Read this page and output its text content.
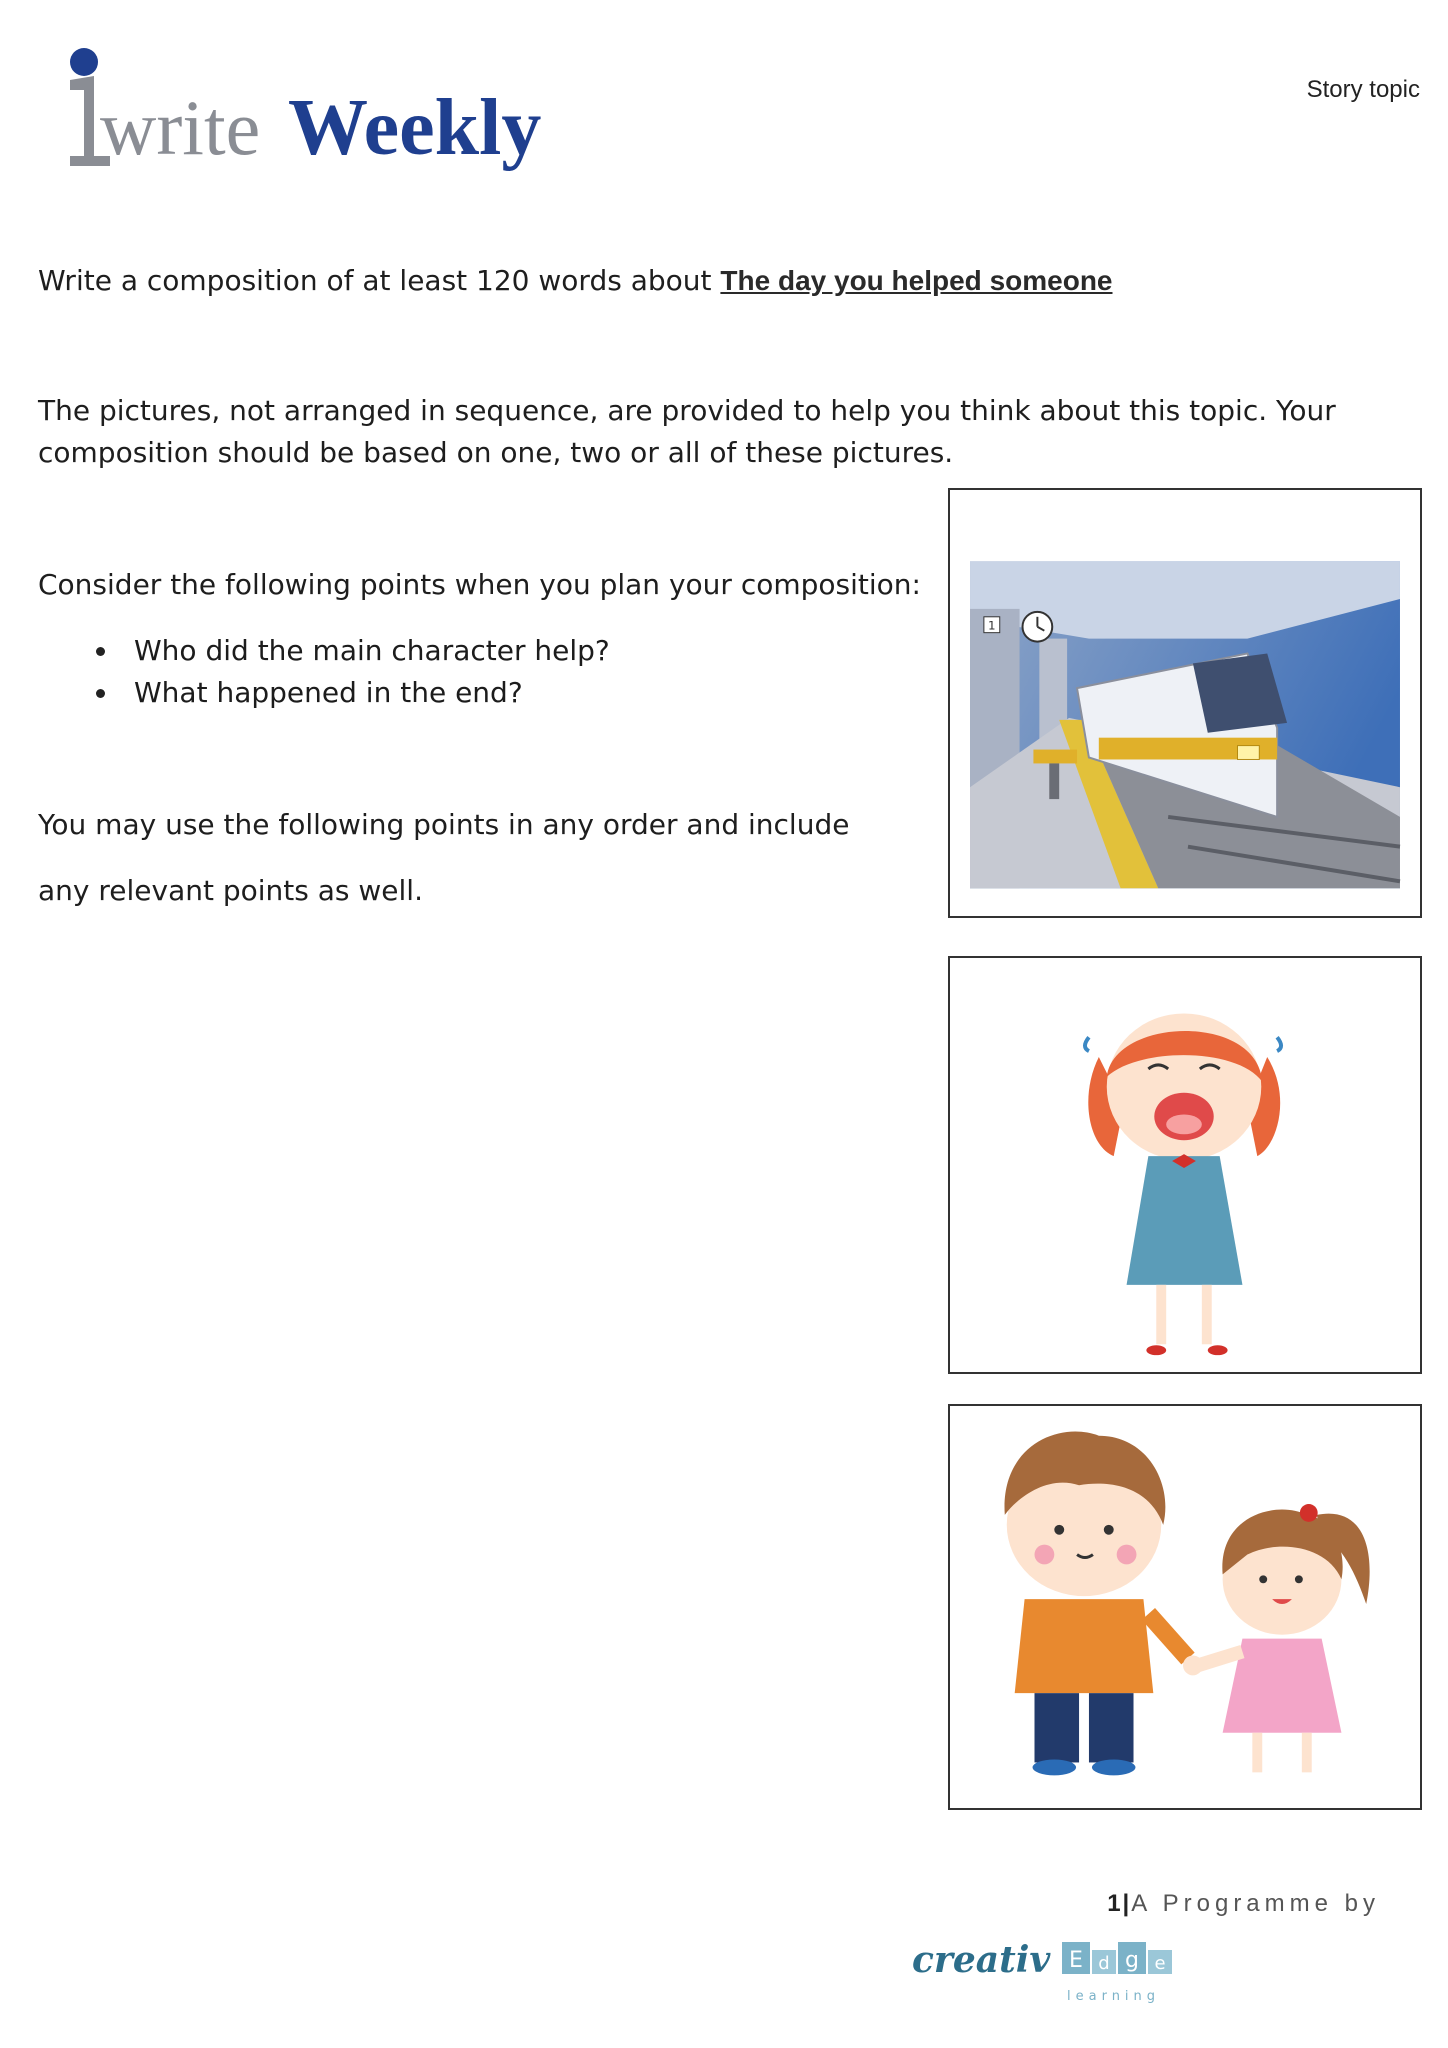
write Weekly	Story topic
Write a composition of at least 120 words about The day you helped someone
The pictures, not arranged in sequence, are provided to help you think about this topic. Your composition should be based on one, two or all of these pictures.
Consider the following points when you plan your composition:
Who did the main character help?
What happened in the end?
You may use the following points in any order and include
any relevant points as well.
1
1|A Programme by
creativ E d g e
learning
